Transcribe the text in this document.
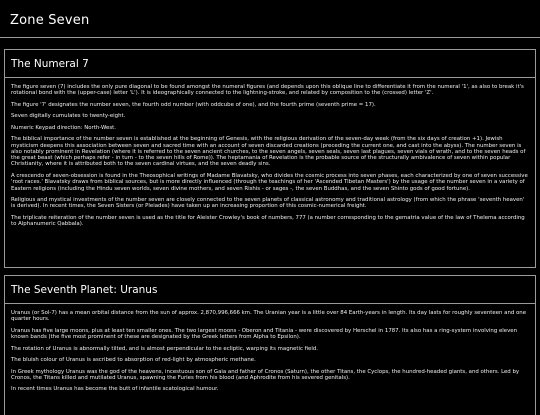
Zone Seven
The Numeral 7

The figure seven (7) includes the only pure diagonal to be found amongst the numeral figures (and depends upon this oblique line to differentiate it from the numeral '1', as also to break it's rotational bond with the (upper-case) letter 'L'). It is ideographically connected to the lightning-stroke, and related by composition to the (crossed) letter 'Z'.

The figure '7' designates the number seven, the fourth odd number (with oddcube of one), and the fourth prime (seventh prime = 17).

Seven digitally cumulates to twenty-eight.

Numeric Keypad direction: North-West.

The biblical importance of the number seven is established at the beginning of Genesis, with the religious derivation of the seven-day week (from the six days of creation +1). Jewish mysticism deepens this association between seven and sacred time with an account of seven discarded creations (preceding the current one, and cast into the abyss). The number seven is also notably prominent in Revelation (where it is referred to the seven ancient churches, to the seven angels, seven seals, seven last plagues, seven vials of wrath, and to the seven heads of the great beast (which perhaps refer - in turn - to the seven hills of Rome)). The heptamania of Revelation is the probable source of the structurally ambivalence of seven within popular Christianity, where it is attributed both to the seven cardinal virtues, and the seven deadly sins.

A crescendo of seven-obsession is found in the Theosophical writings of Madame Blavatsky, who divides the cosmic process into seven phases, each characterized by one of seven successive 'root races.' Blavatsky draws from biblical sources, but is more directly influenced (through the teachings of her 'Ascended Tibetan Masters') by the usage of the number seven in a variety of Eastern religions (including the Hindu seven worlds, seven divine mothers, and seven Rishis - or sages -, the seven Buddhas, and the seven Shinto gods of good fortune).

Religious and mystical investments of the number seven are closely connected to the seven planets of classical astronomy and traditional astrology (from which the phrase 'seventh heaven' is derived). In recent times, the Seven Sisters (or Pleiades) have taken up an increasing proportion of this cosmic-numerical freight.

The triplicate reiteration of the number seven is used as the title for Aleister Crowley's book of numbers, 777 (a number corresponding to the gematria value of the law of Thelema according to Alphanumeric Qabbala).

The Seventh Planet: Uranus

Uranus (or Sol-7) has a mean orbital distance from the sun of approx. 2,870,996,666 km. The Uranian year is a little over 84 Earth-years in length. Its day lasts for roughly seventeen and one quarter hours.

Uranus has five large moons, plus at least ten smaller ones. The two largest moons - Oberon and Titania - were discovered by Herschel in 1787. Its also has a ring-system involving eleven known bands (the five most prominent of these are designated by the Greek letters from Alpha to Epsilon).

The rotation of Uranus is abnormally tilted, and is almost perpendicular to the ecliptic, warping its magnetic field.

The bluish colour of Uranus is ascribed to absorption of red-light by atmospheric methane.

In Greek mythology Uranus was the god of the heavens, incestuous son of Gaia and father of Cronos (Saturn), the other Titans, the Cyclops, the hundred-headed giants, and others. Led by Cronos, the Titans killed and mutilated Uranus, spawning the Furies from his blood (and Aphrodite from his severed genitals).

In recent times Uranus has become the butt of infantile scatological humour.
